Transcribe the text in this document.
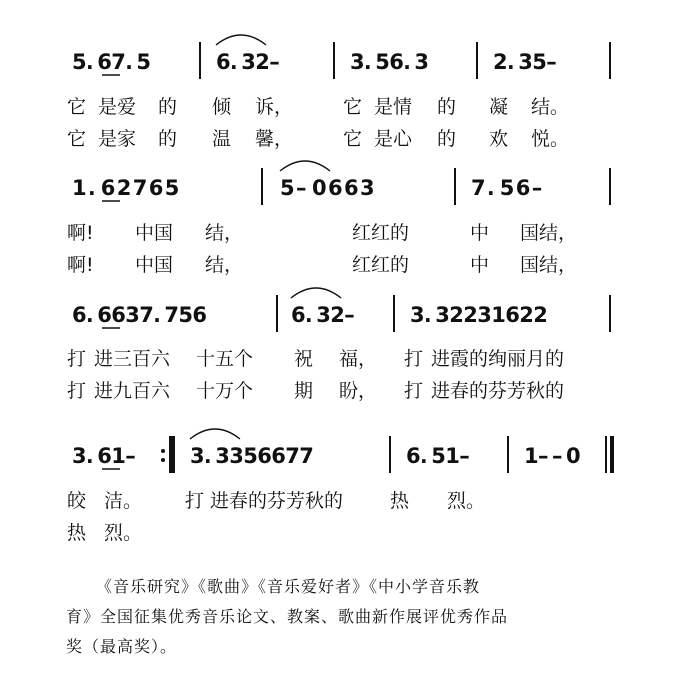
5 . 6 7 . 5	6 . 3 2 –	3 . 5 6 . 3	2 . 3 5 –
1 . 6 2 7 6 5	5 – 0 6 6 3	7 . 5 6 –
6 . 6 6 3 7 . 7 5 6	6 . 3 2 –	3 . 3 2 2 3 1 6 2 2
3 . 6 1 –	3 . 3 3 5 6 6 7 7	6 . 5 1 –	1 – – 0
它 是爱 的 倾 诉，	它 是情 的 凝 结。
它 是家 的 温 馨，	它 是心 的 欢 悦。
啊! 中国 结，	红红的	中 国结，
啊! 中国 结，	红红的	中 国结，
打 进三百六 十五个 祝 福， 打 进霞的绚丽月的
打 进九百六 十万个 期 盼， 打 进春的芬芳秋的
皎 洁。 打 进春的芬芳秋的 热 烈。
热 烈。
《音乐研究》《歌曲》《音乐爱好者》《中小学音乐教
育》全国征集优秀音乐论文、教案、歌曲新作展评优秀作品
奖（最高奖）。
